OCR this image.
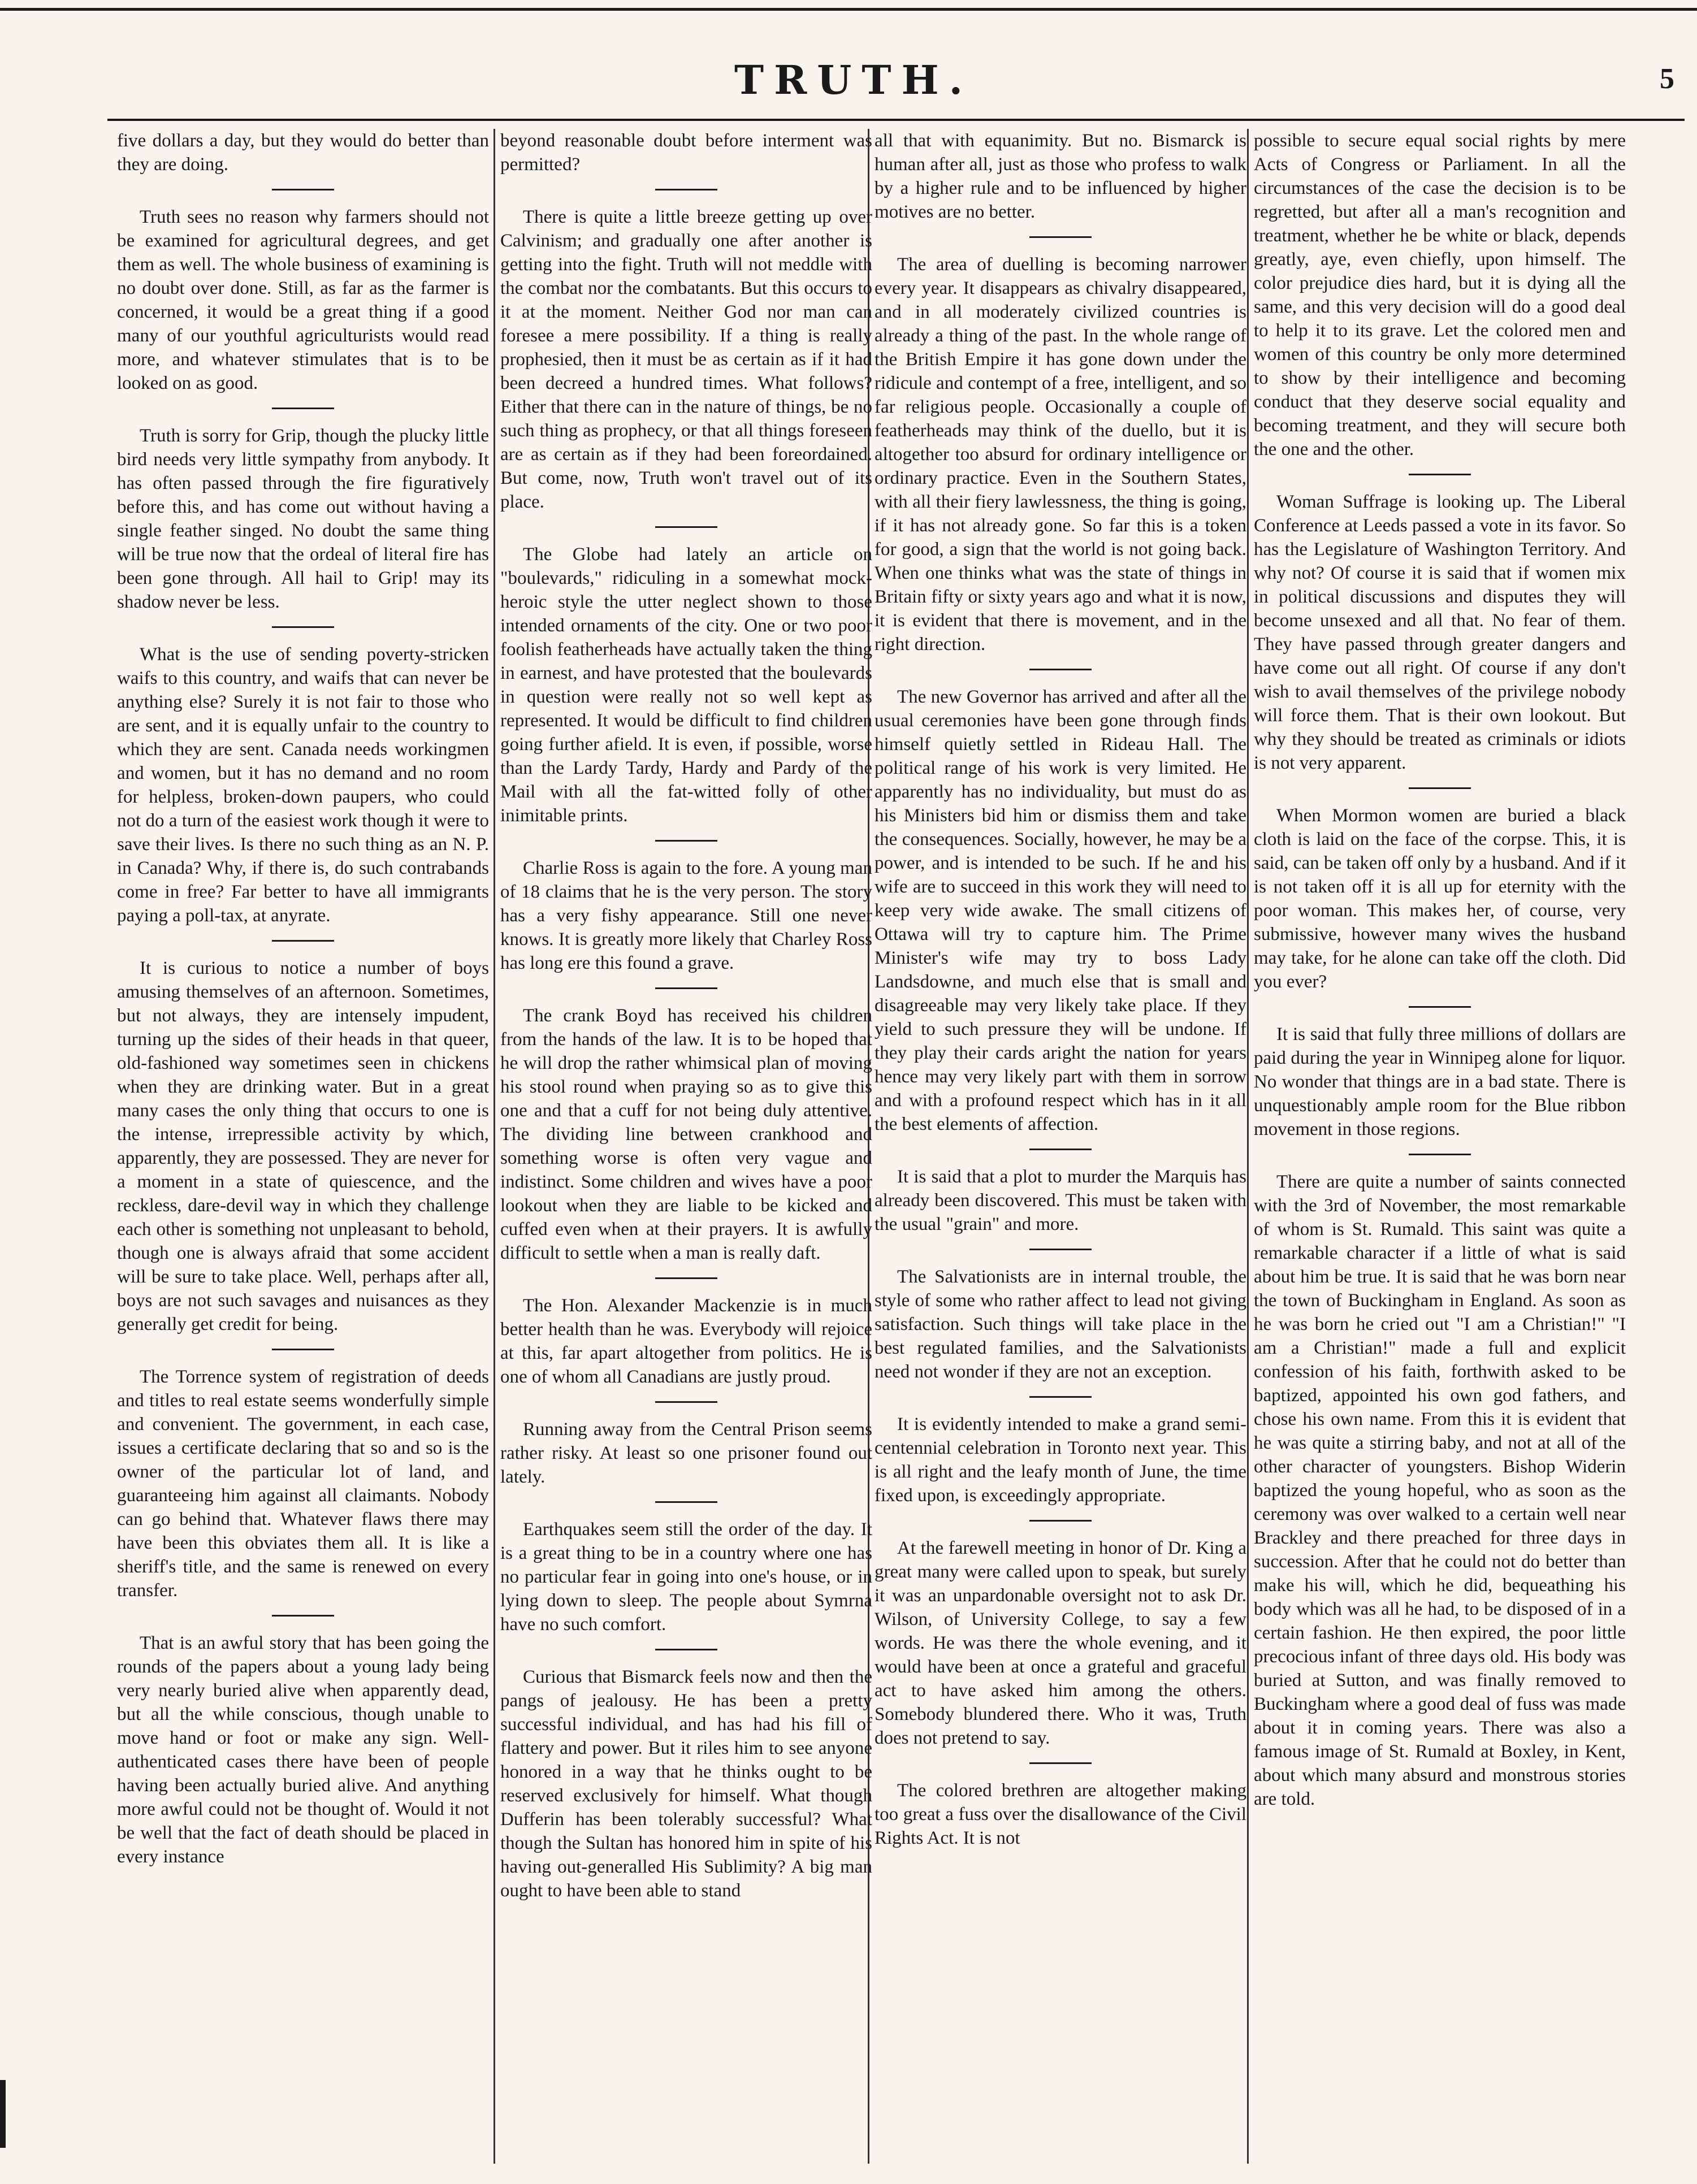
TRUTH.	5

five dollars a day, but they would do better than they are doing.

Truth sees no reason why farmers should not be examined for agricultural degrees, and get them as well. The whole business of examining is no doubt over done. Still, as far as the farmer is concerned, it would be a great thing if a good many of our youthful agriculturists would read more, and whatever stimulates that is to be looked on as good.

Truth is sorry for Grip, though the plucky little bird needs very little sympathy from anybody. It has often passed through the fire figuratively before this, and has come out without having a single feather singed. No doubt the same thing will be true now that the ordeal of literal fire has been gone through. All hail to Grip! may its shadow never be less.

What is the use of sending poverty-stricken waifs to this country, and waifs that can never be anything else? Surely it is not fair to those who are sent, and it is equally unfair to the country to which they are sent. Canada needs workingmen and women, but it has no demand and no room for helpless, broken-down paupers, who could not do a turn of the easiest work though it were to save their lives. Is there no such thing as an N. P. in Canada? Why, if there is, do such contrabands come in free? Far better to have all immigrants paying a poll-tax, at anyrate.

It is curious to notice a number of boys amusing themselves of an afternoon. Sometimes, but not always, they are intensely impudent, turning up the sides of their heads in that queer, old-fashioned way sometimes seen in chickens when they are drinking water. But in a great many cases the only thing that occurs to one is the intense, irrepressible activity by which, apparently, they are possessed. They are never for a moment in a state of quiescence, and the reckless, dare-devil way in which they challenge each other is something not unpleasant to behold, though one is always afraid that some accident will be sure to take place. Well, perhaps after all, boys are not such savages and nuisances as they generally get credit for being.

The Torrence system of registration of deeds and titles to real estate seems wonderfully simple and convenient. The government, in each case, issues a certificate declaring that so and so is the owner of the particular lot of land, and guaranteeing him against all claimants. Nobody can go behind that. Whatever flaws there may have been this obviates them all. It is like a sheriff's title, and the same is renewed on every transfer.

That is an awful story that has been going the rounds of the papers about a young lady being very nearly buried alive when apparently dead, but all the while conscious, though unable to move hand or foot or make any sign. Well-authenticated cases there have been of people having been actually buried alive. And anything more awful could not be thought of. Would it not be well that the fact of death should be placed in every instance

beyond reasonable doubt before interment was permitted?

There is quite a little breeze getting up over Calvinism; and gradually one after another is getting into the fight. Truth will not meddle with the combat nor the combatants. But this occurs to it at the moment. Neither God nor man can foresee a mere possibility. If a thing is really prophesied, then it must be as certain as if it had been decreed a hundred times. What follows? Either that there can in the nature of things, be no such thing as prophecy, or that all things foreseen are as certain as if they had been foreordained. But come, now, Truth won't travel out of its place.

The Globe had lately an article on "boulevards," ridiculing in a somewhat mock-heroic style the utter neglect shown to those intended ornaments of the city. One or two poor foolish featherheads have actually taken the thing in earnest, and have protested that the boulevards in question were really not so well kept as represented. It would be difficult to find children going further afield. It is even, if possible, worse than the Lardy Tardy, Hardy and Pardy of the Mail with all the fat-witted folly of other inimitable prints.

Charlie Ross is again to the fore. A young man of 18 claims that he is the very person. The story has a very fishy appearance. Still one never knows. It is greatly more likely that Charley Ross has long ere this found a grave.

The crank Boyd has received his children from the hands of the law. It is to be hoped that he will drop the rather whimsical plan of moving his stool round when praying so as to give this one and that a cuff for not being duly attentive. The dividing line between crankhood and something worse is often very vague and indistinct. Some children and wives have a poor lookout when they are liable to be kicked and cuffed even when at their prayers. It is awfully difficult to settle when a man is really daft.

The Hon. Alexander Mackenzie is in much better health than he was. Everybody will rejoice at this, far apart altogether from politics. He is one of whom all Canadians are justly proud.

Running away from the Central Prison seems rather risky. At least so one prisoner found out lately.

Earthquakes seem still the order of the day. It is a great thing to be in a country where one has no particular fear in going into one's house, or in lying down to sleep. The people about Symrna have no such comfort.

Curious that Bismarck feels now and then the pangs of jealousy. He has been a pretty successful individual, and has had his fill of flattery and power. But it riles him to see anyone honored in a way that he thinks ought to be reserved exclusively for himself. What though Dufferin has been tolerably successful? What though the Sultan has honored him in spite of his having out-generalled His Sublimity? A big man ought to have been able to stand

all that with equanimity. But no. Bismarck is human after all, just as those who profess to walk by a higher rule and to be influenced by higher motives are no better.

The area of duelling is becoming narrower every year. It disappears as chivalry disappeared, and in all moderately civilized countries is already a thing of the past. In the whole range of the British Empire it has gone down under the ridicule and contempt of a free, intelligent, and so far religious people. Occasionally a couple of featherheads may think of the duello, but it is altogether too absurd for ordinary intelligence or ordinary practice. Even in the Southern States, with all their fiery lawlessness, the thing is going, if it has not already gone. So far this is a token for good, a sign that the world is not going back. When one thinks what was the state of things in Britain fifty or sixty years ago and what it is now, it is evident that there is movement, and in the right direction.

The new Governor has arrived and after all the usual ceremonies have been gone through finds himself quietly settled in Rideau Hall. The political range of his work is very limited. He apparently has no individuality, but must do as his Ministers bid him or dismiss them and take the consequences. Socially, however, he may be a power, and is intended to be such. If he and his wife are to succeed in this work they will need to keep very wide awake. The small citizens of Ottawa will try to capture him. The Prime Minister's wife may try to boss Lady Landsdowne, and much else that is small and disagreeable may very likely take place. If they yield to such pressure they will be undone. If they play their cards aright the nation for years hence may very likely part with them in sorrow and with a profound respect which has in it all the best elements of affection.

It is said that a plot to murder the Marquis has already been discovered. This must be taken with the usual "grain" and more.

The Salvationists are in internal trouble, the style of some who rather affect to lead not giving satisfaction. Such things will take place in the best regulated families, and the Salvationists need not wonder if they are not an exception.

It is evidently intended to make a grand semi-centennial celebration in Toronto next year. This is all right and the leafy month of June, the time fixed upon, is exceedingly appropriate.

At the farewell meeting in honor of Dr. King a great many were called upon to speak, but surely it was an unpardonable oversight not to ask Dr. Wilson, of University College, to say a few words. He was there the whole evening, and it would have been at once a grateful and graceful act to have asked him among the others. Somebody blundered there. Who it was, Truth does not pretend to say.

The colored brethren are altogether making too great a fuss over the disallowance of the Civil Rights Act. It is not

possible to secure equal social rights by mere Acts of Congress or Parliament. In all the circumstances of the case the decision is to be regretted, but after all a man's recognition and treatment, whether he be white or black, depends greatly, aye, even chiefly, upon himself. The color prejudice dies hard, but it is dying all the same, and this very decision will do a good deal to help it to its grave. Let the colored men and women of this country be only more determined to show by their intelligence and becoming conduct that they deserve social equality and becoming treatment, and they will secure both the one and the other.

Woman Suffrage is looking up. The Liberal Conference at Leeds passed a vote in its favor. So has the Legislature of Washington Territory. And why not? Of course it is said that if women mix in political discussions and disputes they will become unsexed and all that. No fear of them. They have passed through greater dangers and have come out all right. Of course if any don't wish to avail themselves of the privilege nobody will force them. That is their own lookout. But why they should be treated as criminals or idiots is not very apparent.

When Mormon women are buried a black cloth is laid on the face of the corpse. This, it is said, can be taken off only by a husband. And if it is not taken off it is all up for eternity with the poor woman. This makes her, of course, very submissive, however many wives the husband may take, for he alone can take off the cloth. Did you ever?

It is said that fully three millions of dollars are paid during the year in Winnipeg alone for liquor. No wonder that things are in a bad state. There is unquestionably ample room for the Blue ribbon movement in those regions.

There are quite a number of saints connected with the 3rd of November, the most remarkable of whom is St. Rumald. This saint was quite a remarkable character if a little of what is said about him be true. It is said that he was born near the town of Buckingham in England. As soon as he was born he cried out "I am a Christian!" "I am a Christian!" made a full and explicit confession of his faith, forthwith asked to be baptized, appointed his own god fathers, and chose his own name. From this it is evident that he was quite a stirring baby, and not at all of the other character of youngsters. Bishop Widerin baptized the young hopeful, who as soon as the ceremony was over walked to a certain well near Brackley and there preached for three days in succession. After that he could not do better than make his will, which he did, bequeathing his body which was all he had, to be disposed of in a certain fashion. He then expired, the poor little precocious infant of three days old. His body was buried at Sutton, and was finally removed to Buckingham where a good deal of fuss was made about it in coming years. There was also a famous image of St. Rumald at Boxley, in Kent, about which many absurd and monstrous stories are told.
